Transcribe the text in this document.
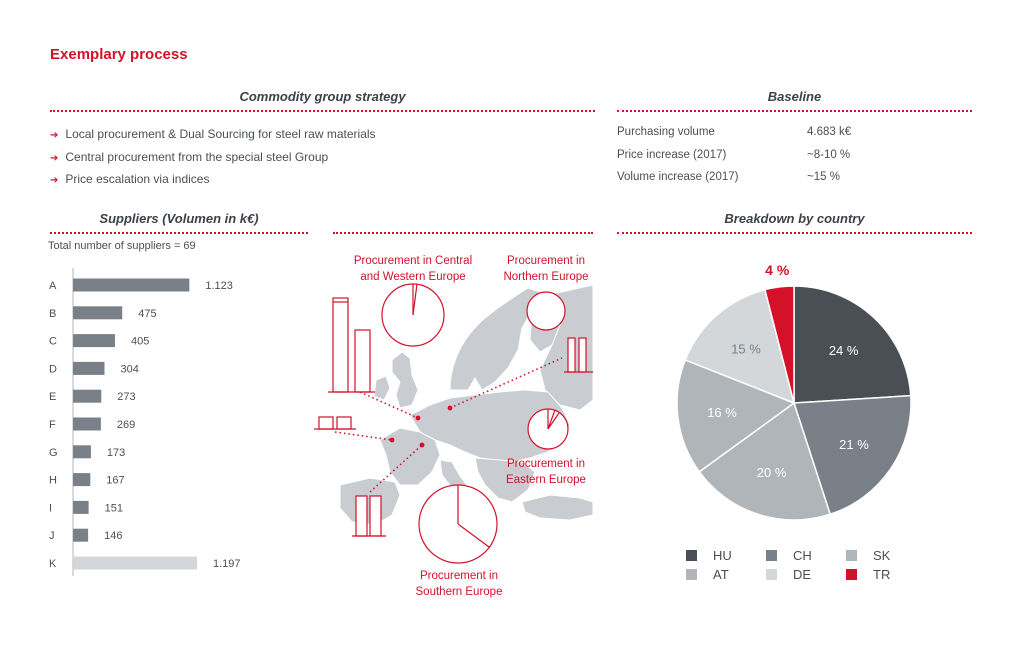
Exemplary process
Commodity group strategy
➔ Local procurement & Dual Sourcing for steel raw materials
➔ Central procurement from the special steel Group
➔ Price escalation via indices
Baseline
Purchasing volume	4.683 k€
Price increase (2017)	~8-10 %
Volume increase (2017)	~15 %
Suppliers (Volumen in k€)
Total number of suppliers = 69
A	1.123
B	475
C	405
D	304
E	273
F	269
G	173
H	167
I	151
J	146
K	1.197
Procurement in Central
and Western Europe
Procurement in
Northern Europe
Procurement in
Eastern Europe
Procurement in
Southern Europe
Breakdown by country
24 %
21 %
20 %
16 %
15 %
4 %
HU	CH	SK
AT	DE	TR
